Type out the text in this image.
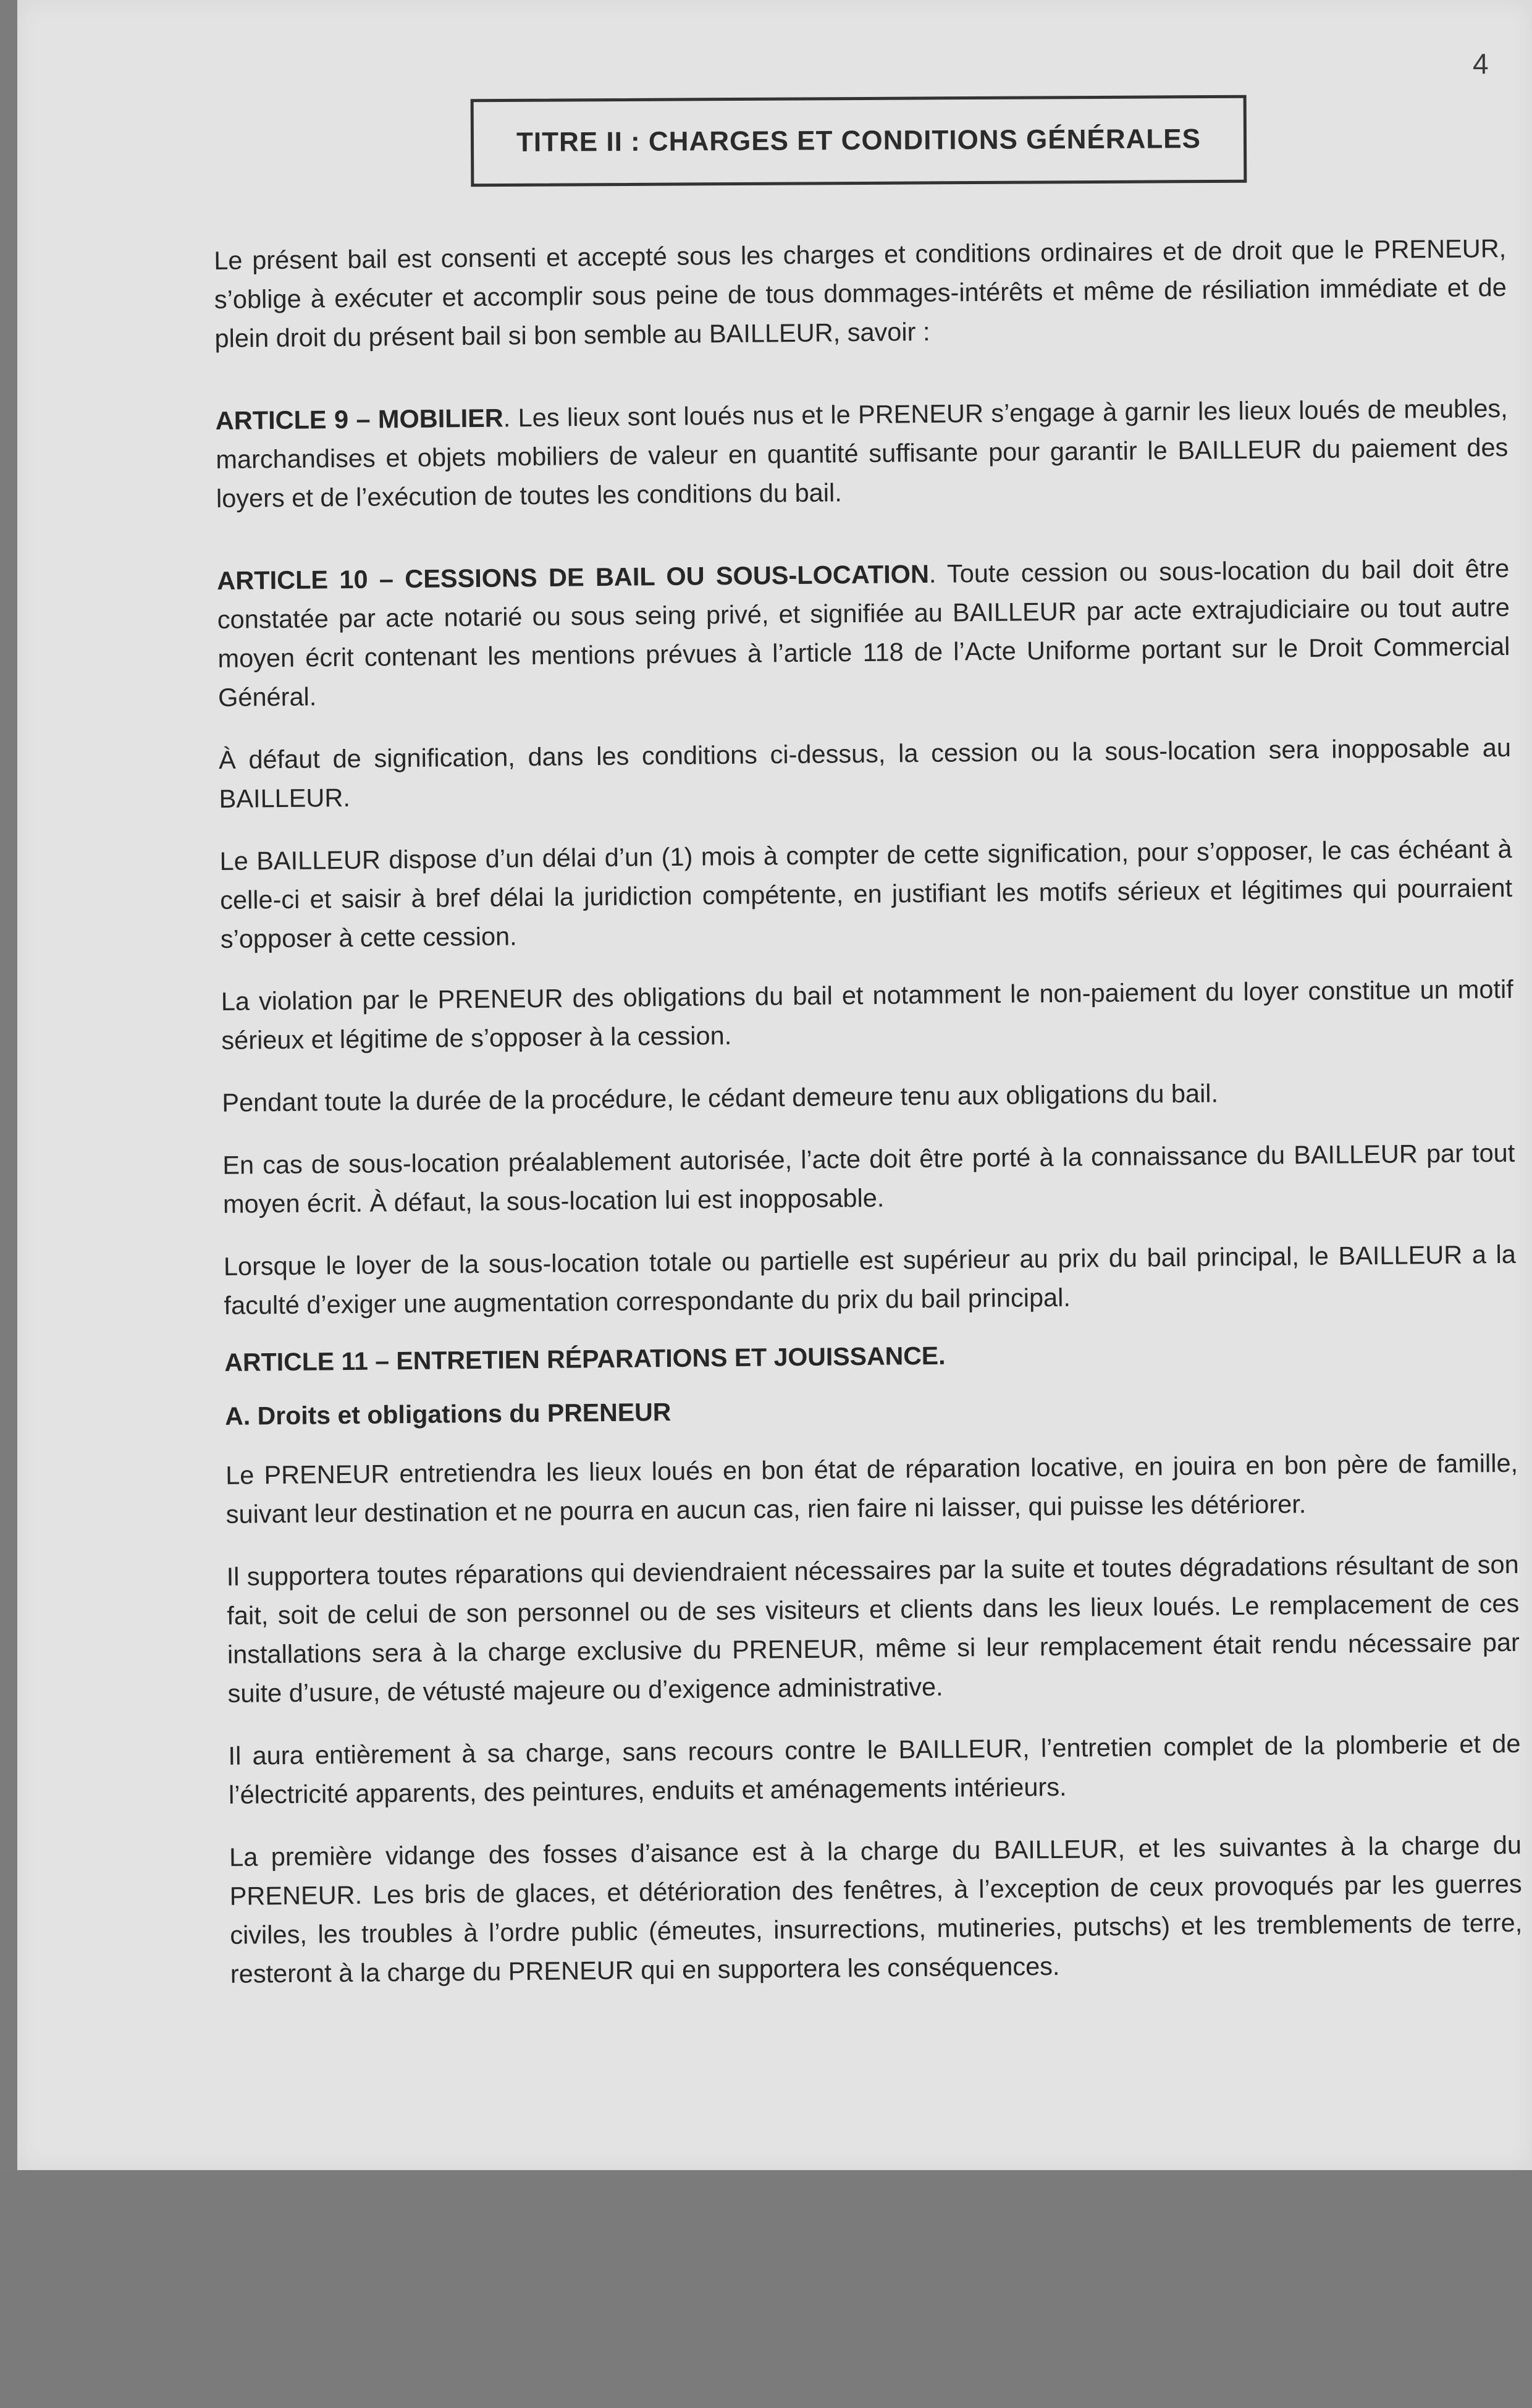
4
TITRE II : CHARGES ET CONDITIONS GÉNÉRALES

Le présent bail est consenti et accepté sous les charges et conditions ordinaires et de droit que le PRENEUR, s’oblige à exécuter et accomplir sous peine de tous dommages-intérêts et même de résiliation immédiate et de plein droit du présent bail si bon semble au BAILLEUR, savoir :

ARTICLE 9 – MOBILIER. Les lieux sont loués nus et le PRENEUR s’engage à garnir les lieux loués de meubles, marchandises et objets mobiliers de valeur en quantité suffisante pour garantir le BAILLEUR du paiement des loyers et de l’exécution de toutes les conditions du bail.

ARTICLE 10 – CESSIONS DE BAIL OU SOUS-LOCATION. Toute cession ou sous-location du bail doit être constatée par acte notarié ou sous seing privé, et signifiée au BAILLEUR par acte extrajudiciaire ou tout autre moyen écrit contenant les mentions prévues à l’article 118 de l’Acte Uniforme portant sur le Droit Commercial Général.

À défaut de signification, dans les conditions ci-dessus, la cession ou la sous-location sera inopposable au BAILLEUR.

Le BAILLEUR dispose d’un délai d’un (1) mois à compter de cette signification, pour s’opposer, le cas échéant à celle-ci et saisir à bref délai la juridiction compétente, en justifiant les motifs sérieux et légitimes qui pourraient s’opposer à cette cession.

La violation par le PRENEUR des obligations du bail et notamment le non-paiement du loyer constitue un motif sérieux et légitime de s’opposer à la cession.

Pendant toute la durée de la procédure, le cédant demeure tenu aux obligations du bail.

En cas de sous-location préalablement autorisée, l’acte doit être porté à la connaissance du BAILLEUR par tout moyen écrit. À défaut, la sous-location lui est inopposable.

Lorsque le loyer de la sous-location totale ou partielle est supérieur au prix du bail principal, le BAILLEUR a la faculté d’exiger une augmentation correspondante du prix du bail principal.

ARTICLE 11 – ENTRETIEN RÉPARATIONS ET JOUISSANCE.
A. Droits et obligations du PRENEUR

Le PRENEUR entretiendra les lieux loués en bon état de réparation locative, en jouira en bon père de famille, suivant leur destination et ne pourra en aucun cas, rien faire ni laisser, qui puisse les détériorer.

Il supportera toutes réparations qui deviendraient nécessaires par la suite et toutes dégradations résultant de son fait, soit de celui de son personnel ou de ses visiteurs et clients dans les lieux loués. Le remplacement de ces installations sera à la charge exclusive du PRENEUR, même si leur remplacement était rendu nécessaire par suite d’usure, de vétusté majeure ou d’exigence administrative.

Il aura entièrement à sa charge, sans recours contre le BAILLEUR, l’entretien complet de la plomberie et de l’électricité apparents, des peintures, enduits et aménagements intérieurs.

La première vidange des fosses d’aisance est à la charge du BAILLEUR, et les suivantes à la charge du PRENEUR. Les bris de glaces, et détérioration des fenêtres, à l’exception de ceux provoqués par les guerres civiles, les troubles à l’ordre public (émeutes, insurrections, mutineries, putschs) et les tremblements de terre, resteront à la charge du PRENEUR qui en supportera les conséquences.
